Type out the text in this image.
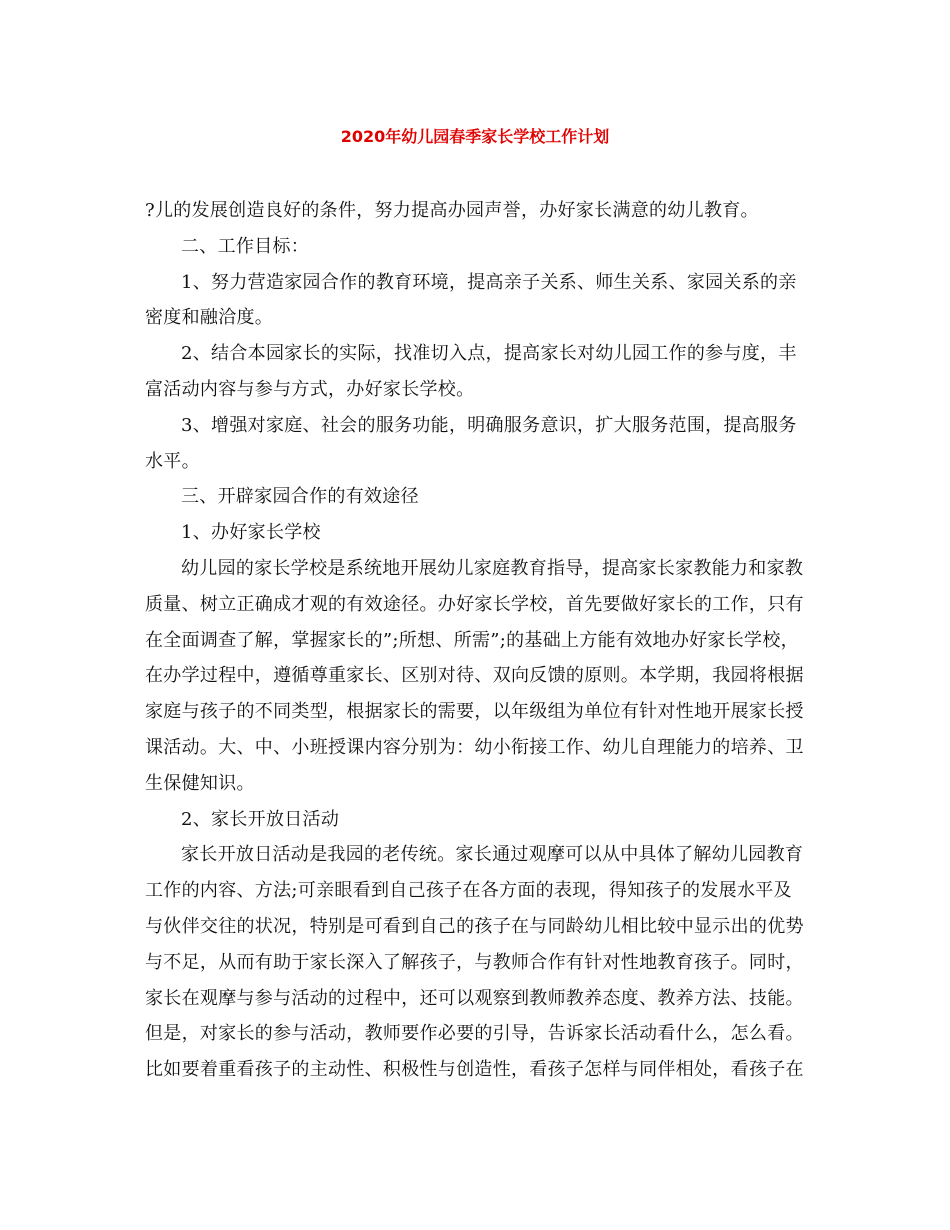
2020年幼儿园春季家长学校工作计划
?儿的发展创造良好的条件，努力提高办园声誉，办好家长满意的幼儿教育。
二、工作目标：
1、努力营造家园合作的教育环境，提高亲子关系、师生关系、家园关系的亲
密度和融洽度。
2、结合本园家长的实际，找准切入点，提高家长对幼儿园工作的参与度，丰
富活动内容与参与方式，办好家长学校。
3、增强对家庭、社会的服务功能，明确服务意识，扩大服务范围，提高服务
水平。
三、开辟家园合作的有效途径
1、办好家长学校
幼儿园的家长学校是系统地开展幼儿家庭教育指导，提高家长家教能力和家教
质量、树立正确成才观的有效途径。办好家长学校，首先要做好家长的工作，只有
在全面调查了解，掌握家长的”;所想、所需”;的基础上方能有效地办好家长学校，
在办学过程中，遵循尊重家长、区别对待、双向反馈的原则。本学期，我园将根据
家庭与孩子的不同类型，根据家长的需要，以年级组为单位有针对性地开展家长授
课活动。大、中、小班授课内容分别为：幼小衔接工作、幼儿自理能力的培养、卫
生保健知识。
2、家长开放日活动
家长开放日活动是我园的老传统。家长通过观摩可以从中具体了解幼儿园教育
工作的内容、方法;可亲眼看到自己孩子在各方面的表现，得知孩子的发展水平及
与伙伴交往的状况，特别是可看到自己的孩子在与同龄幼儿相比较中显示出的优势
与不足，从而有助于家长深入了解孩子，与教师合作有针对性地教育孩子。同时，
家长在观摩与参与活动的过程中，还可以观察到教师教养态度、教养方法、技能。
但是，对家长的参与活动，教师要作必要的引导，告诉家长活动看什么，怎么看。
比如要着重看孩子的主动性、积极性与创造性，看孩子怎样与同伴相处，看孩子在
